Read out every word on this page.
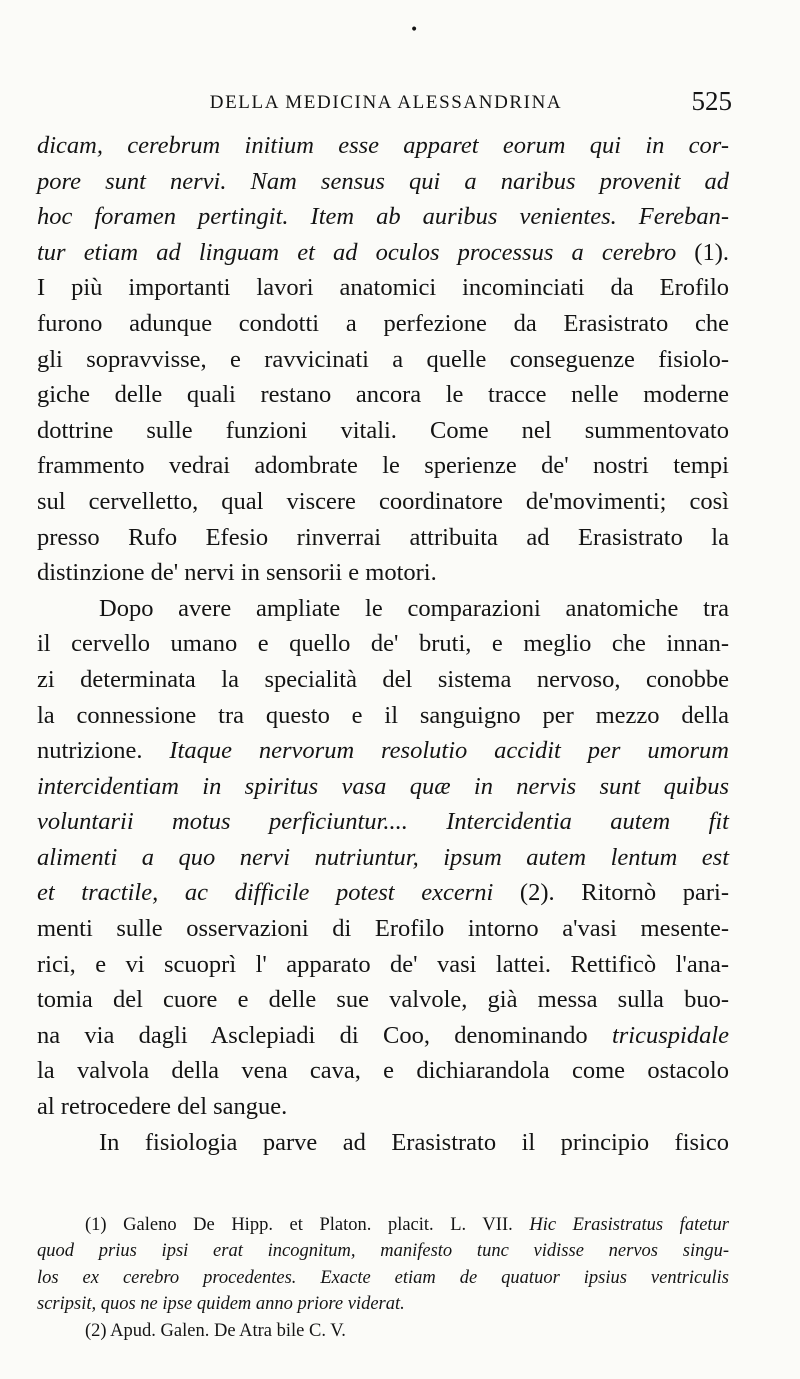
•
DELLA MEDICINA ALESSANDRINA	525
dicam, cerebrum initium esse apparet eorum qui in cor-
pore sunt nervi. Nam sensus qui a naribus provenit ad
hoc foramen pertingit. Item ab auribus venientes. Fereban-
tur etiam ad linguam et ad oculos processus a cerebro (1).
I più importanti lavori anatomici incominciati da Erofilo
furono adunque condotti a perfezione da Erasistrato che
gli sopravvisse, e ravvicinati a quelle conseguenze fisiolo-
giche delle quali restano ancora le tracce nelle moderne
dottrine sulle funzioni vitali. Come nel summentovato
frammento vedrai adombrate le sperienze de' nostri tempi
sul cervelletto, qual viscere coordinatore de'movimenti; così
presso Rufo Efesio rinverrai attribuita ad Erasistrato la
distinzione de' nervi in sensorii e motori.
Dopo avere ampliate le comparazioni anatomiche tra
il cervello umano e quello de' bruti, e meglio che innan-
zi determinata la specialità del sistema nervoso, conobbe
la connessione tra questo e il sanguigno per mezzo della
nutrizione. Itaque nervorum resolutio accidit per umorum
intercidentiam in spiritus vasa quæ in nervis sunt quibus
voluntarii motus perficiuntur.... Intercidentia autem fit
alimenti a quo nervi nutriuntur, ipsum autem lentum est
et tractile, ac difficile potest excerni (2). Ritornò pari-
menti sulle osservazioni di Erofilo intorno a'vasi mesente-
rici, e vi scuoprì l' apparato de' vasi lattei. Rettificò l'ana-
tomia del cuore e delle sue valvole, già messa sulla buo-
na via dagli Asclepiadi di Coo, denominando tricuspidale
la valvola della vena cava, e dichiarandola come ostacolo
al retrocedere del sangue.
In fisiologia parve ad Erasistrato il principio fisico
(1) Galeno De Hipp. et Platon. placit. L. VII. Hic Erasistratus fatetur
quod prius ipsi erat incognitum, manifesto tunc vidisse nervos singu-
los ex cerebro procedentes. Exacte etiam de quatuor ipsius ventriculis
scripsit, quos ne ipse quidem anno priore viderat.
(2) Apud. Galen. De Atra bile C. V.
